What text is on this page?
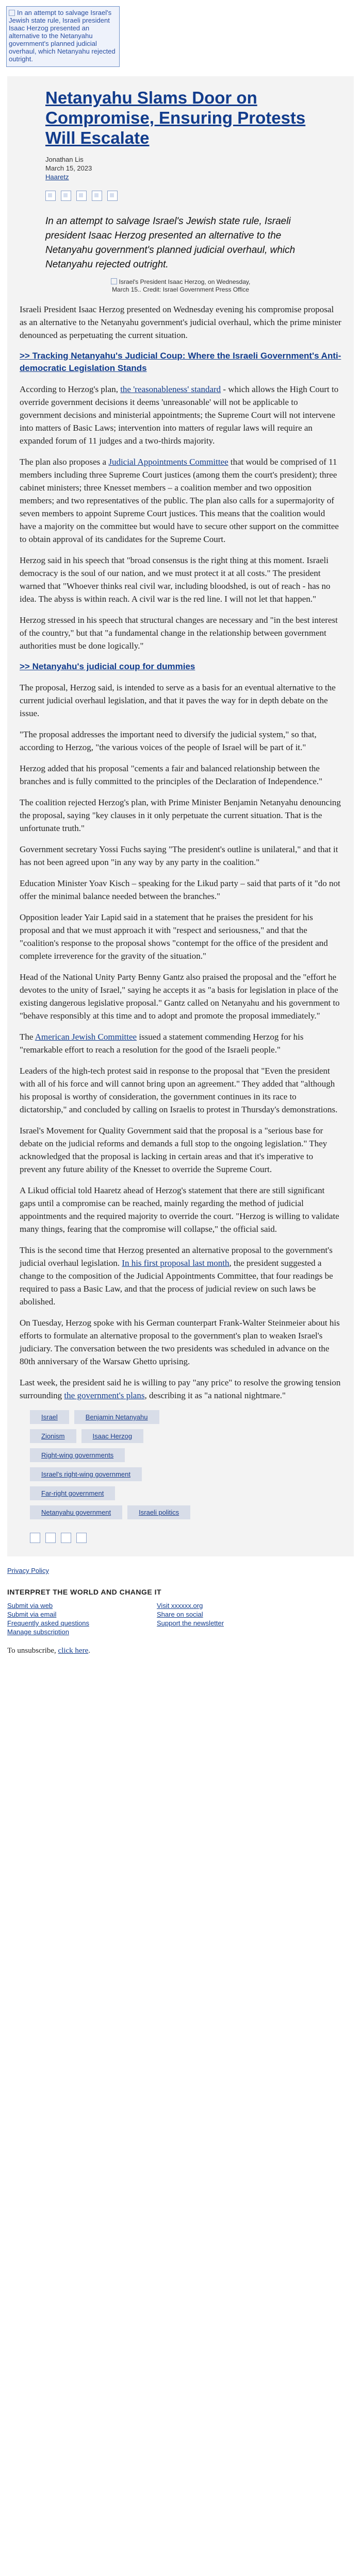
In an attempt to salvage Israel's Jewish state rule, Israeli president Isaac Herzog presented an alternative to the Netanyahu government's planned judicial overhaul, which Netanyahu rejected outright.
Netanyahu Slams Door on Compromise, Ensuring Protests Will Escalate
Jonathan Lis
March 15, 2023
Haaretz
In an attempt to salvage Israel's Jewish state rule, Israeli president Isaac Herzog presented an alternative to the Netanyahu government's planned judicial overhaul, which Netanyahu rejected outright.
Israel's President Isaac Herzog, on Wednesday,
March 15.. Credit: Israel Government Press Office

Israeli President Isaac Herzog presented on Wednesday evening his compromise proposal as an alternative to the Netanyahu government's judicial overhaul, which the prime minister denounced as perpetuating the current situation.

>> Tracking Netanyahu's Judicial Coup: Where the Israeli Government's Anti-democratic Legislation Stands

According to Herzog's plan, the 'reasonableness' standard - which allows the High Court to override government decisions it deems 'unreasonable' will not be applicable to government decisions and ministerial appointments; the Supreme Court will not intervene into matters of Basic Laws; intervention into matters of regular laws will require an expanded forum of 11 judges and a two-thirds majority.

The plan also proposes a Judicial Appointments Committee that would be comprised of 11 members including three Supreme Court justices (among them the court's president); three cabinet ministers; three Knesset members – a coalition member and two opposition members; and two representatives of the public. The plan also calls for a supermajority of seven members to appoint Supreme Court justices. This means that the coalition would have a majority on the committee but would have to secure other support on the committee to obtain approval of its candidates for the Supreme Court.

Herzog said in his speech that "broad consensus is the right thing at this moment. Israeli democracy is the soul of our nation, and we must protect it at all costs." The president warned that "Whoever thinks real civil war, including bloodshed, is out of reach - has no idea. The abyss is within reach. A civil war is the red line. I will not let that happen."

Herzog stressed in his speech that structural changes are necessary and "in the best interest of the country," but that "a fundamental change in the relationship between government authorities must be done logically."

>> Netanyahu's judicial coup for dummies

The proposal, Herzog said, is intended to serve as a basis for an eventual alternative to the current judicial overhaul legislation, and that it paves the way for in depth debate on the issue.

"The proposal addresses the important need to diversify the judicial system," so that, according to Herzog, "the various voices of the people of Israel will be part of it."

Herzog added that his proposal "cements a fair and balanced relationship between the branches and is fully committed to the principles of the Declaration of Independence."

The coalition rejected Herzog's plan, with Prime Minister Benjamin Netanyahu denouncing the proposal, saying "key clauses in it only perpetuate the current situation. That is the unfortunate truth."

Government secretary Yossi Fuchs saying "The president's outline is unilateral," and that it has not been agreed upon "in any way by any party in the coalition."

Education Minister Yoav Kisch – speaking for the Likud party – said that parts of it "do not offer the minimal balance needed between the branches."

Opposition leader Yair Lapid said in a statement that he praises the president for his proposal and that we must approach it with "respect and seriousness," and that the "coalition's response to the proposal shows "contempt for the office of the president and complete irreverence for the gravity of the situation."

Head of the National Unity Party Benny Gantz also praised the proposal and the "effort he devotes to the unity of Israel," saying he accepts it as "a basis for legislation in place of the existing dangerous legislative proposal." Gantz called on Netanyahu and his government to "behave responsibly at this time and to adopt and promote the proposal immediately."

The American Jewish Committee issued a statement commending Herzog for his "remarkable effort to reach a resolution for the good of the Israeli people."

Leaders of the high-tech protest said in response to the proposal that "Even the president with all of his force and will cannot bring upon an agreement." They added that "although his proposal is worthy of consideration, the government continues in its race to dictatorship," and concluded by calling on Israelis to protest in Thursday's demonstrations.

Israel's Movement for Quality Government said that the proposal is a "serious base for debate on the judicial reforms and demands a full stop to the ongoing legislation." They acknowledged that the proposal is lacking in certain areas and that it's imperative to prevent any future ability of the Knesset to override the Supreme Court.

A Likud official told Haaretz ahead of Herzog's statement that there are still significant gaps until a compromise can be reached, mainly regarding the method of judicial appointments and the required majority to override the court. "Herzog is willing to validate many things, fearing that the compromise will collapse," the official said.

This is the second time that Herzog presented an alternative proposal to the government's judicial overhaul legislation. In his first proposal last month, the president suggested a change to the composition of the Judicial Appointments Committee, that four readings be required to pass a Basic Law, and that the process of judicial review on such laws be abolished.

On Tuesday, Herzog spoke with his German counterpart Frank-Walter Steinmeier about his efforts to formulate an alternative proposal to the government's plan to weaken Israel's judiciary. The conversation between the two presidents was scheduled in advance on the 80th anniversary of the Warsaw Ghetto uprising.

Last week, the president said he is willing to pay "any price" to resolve the growing tension surrounding the government's plans, describing it as "a national nightmare."

Israel	Benjamin Netanyahu
Zionism	Isaac Herzog
Right-wing governments
Israel's right-wing government
Far-right government
Netanyahu government	Israeli politics
Privacy Policy
INTERPRET THE WORLD AND CHANGE IT
Submit via web
Submit via email
Frequently asked questions
Manage subscription
Visit xxxxxx.org
Share on social
Support the newsletter
To unsubscribe, click here.
